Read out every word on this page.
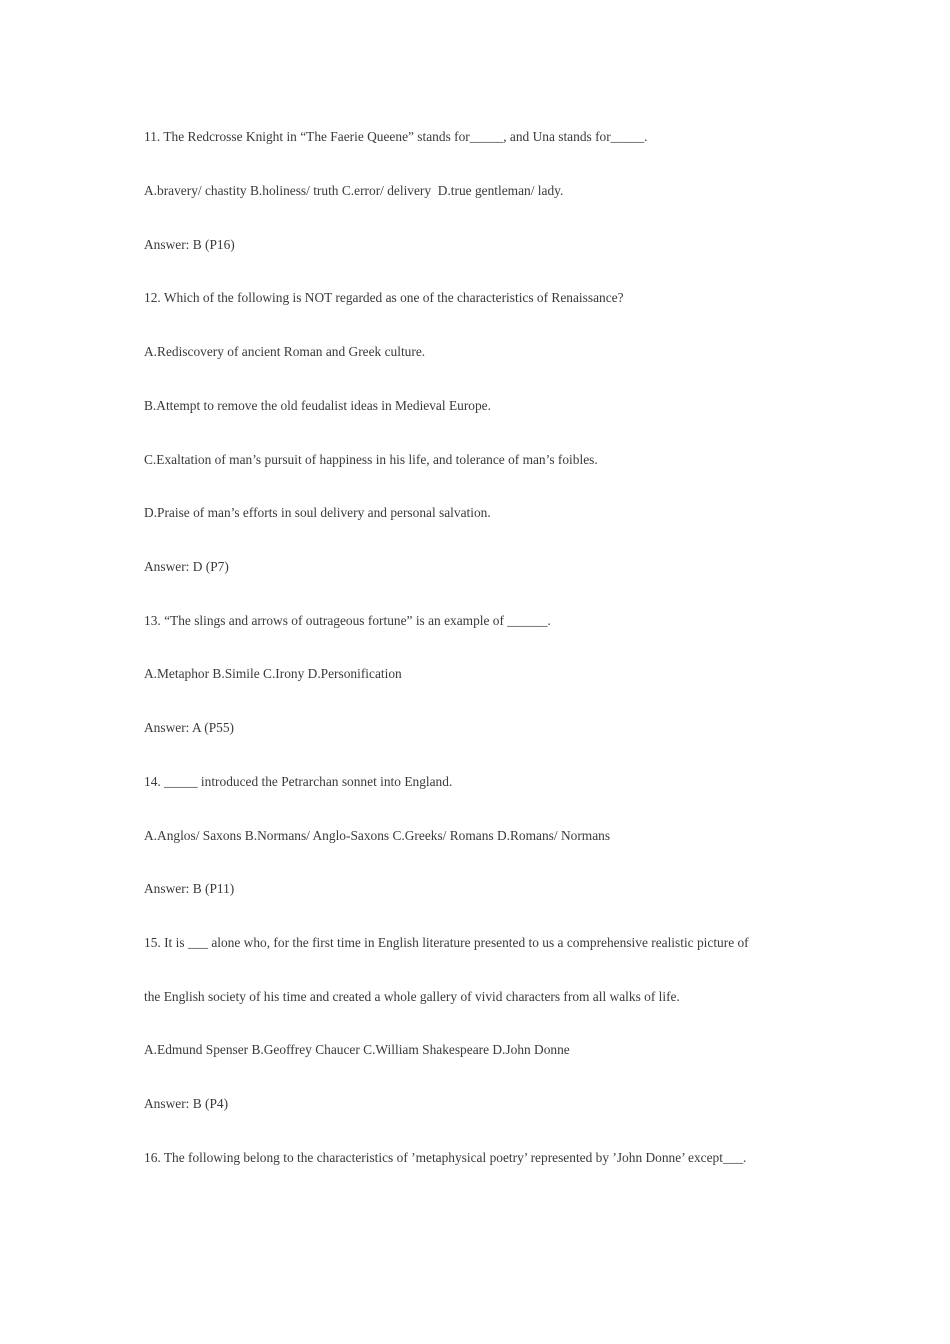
11. The Redcrosse Knight in “The Faerie Queene” stands for_____, and Una stands for_____.

A.bravery/ chastity B.holiness/ truth C.error/ delivery  D.true gentleman/ lady.

Answer: B (P16)

12. Which of the following is NOT regarded as one of the characteristics of Renaissance?

A.Rediscovery of ancient Roman and Greek culture.

B.Attempt to remove the old feudalist ideas in Medieval Europe.

C.Exaltation of man’s pursuit of happiness in his life, and tolerance of man’s foibles.

D.Praise of man’s efforts in soul delivery and personal salvation.

Answer: D (P7)

13. “The slings and arrows of outrageous fortune” is an example of ______.

A.Metaphor B.Simile C.Irony D.Personification

Answer: A (P55)

14. _____ introduced the Petrarchan sonnet into England.

A.Anglos/ Saxons B.Normans/ Anglo-Saxons C.Greeks/ Romans D.Romans/ Normans

Answer: B (P11)

15. It is ___ alone who, for the first time in English literature presented to us a comprehensive realistic picture of

the English society of his time and created a whole gallery of vivid characters from all walks of life.

A.Edmund Spenser B.Geoffrey Chaucer C.William Shakespeare D.John Donne

Answer: B (P4)

16. The following belong to the characteristics of ’metaphysical poetry’ represented by ’John Donne’ except___.
